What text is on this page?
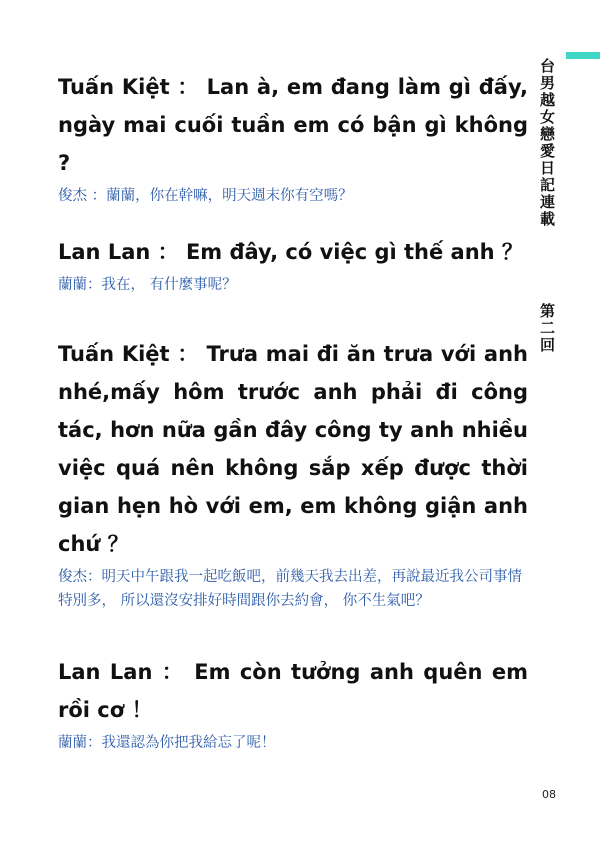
台男越女戀愛日記連載
第二回

Tuấn Kiệt ： Lan à, em đang làm gì đấy, ngày mai cuối tuần em có bận gì không ?

俊杰 ：蘭蘭，你在幹嘛，明天週末你有空嗎？

Lan Lan ： Em đây, có việc gì thế anh ？

蘭蘭：我在， 有什麼事呢？

Tuấn Kiệt ： Trưa mai đi ăn trưa với anh nhé,mấy hôm trước anh phải đi công tác, hơn nữa gần đây công ty anh nhiều việc quá nên không sắp xếp được thời gian hẹn hò với em, em không giận anh chứ ？

俊杰：明天中午跟我一起吃飯吧，前幾天我去出差，再說最近我公司事情特別多， 所以還沒安排好時間跟你去約會， 你不生氣吧？

Lan Lan ： Em còn tưởng anh quên em rồi cơ ！

蘭蘭：我還認為你把我給忘了呢！

08
